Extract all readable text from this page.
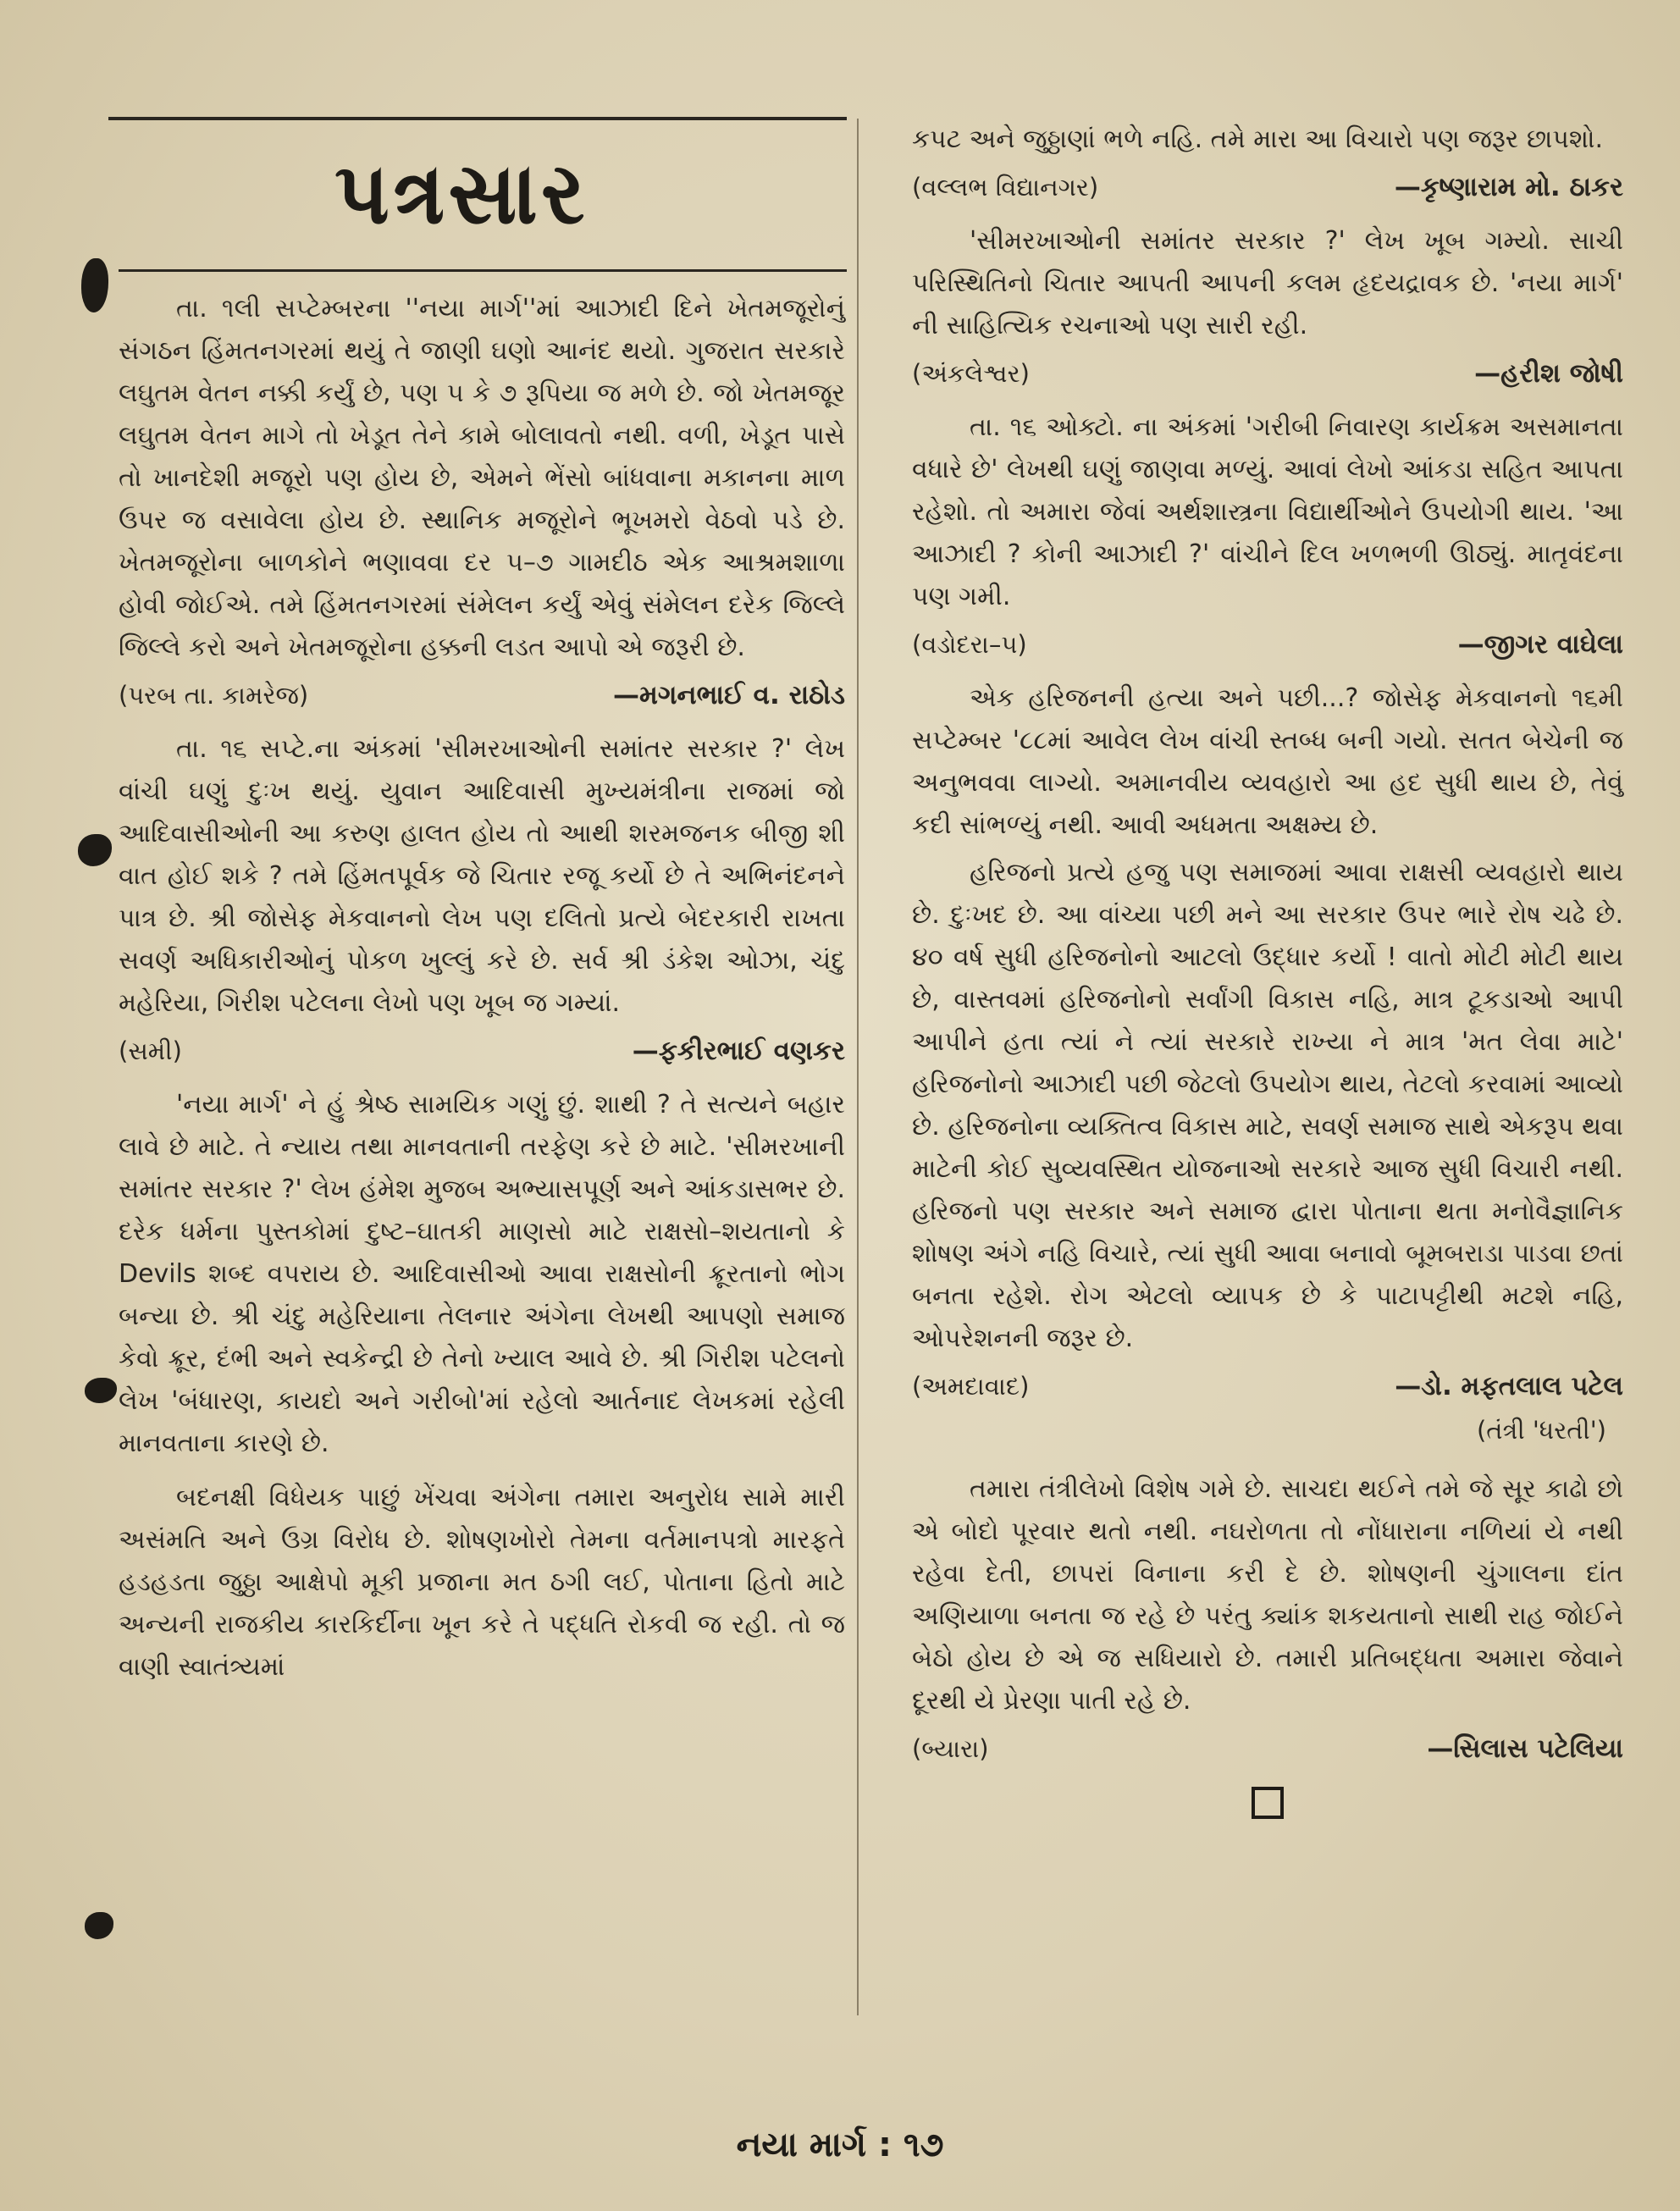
પત્રસાર

તા. ૧લી સપ્ટેમ્બરના ''નયા માર્ગ''માં આઝાદી દિને ખેતમજૂરોનું સંગઠન હિંમતનગરમાં થયું તે જાણી ઘણો આનંદ થયો. ગુજરાત સરકારે લઘુતમ વેતન નક્કી કર્યું છે, પણ ૫ કે ૭ રૂપિયા જ મળે છે. જો ખેતમજૂર લઘુતમ વેતન માગે તો ખેડૂત તેને કામે બોલાવતો નથી. વળી, ખેડૂત પાસે તો ખાનદેશી મજૂરો પણ હોય છે, એમને ભેંસો બાંધવાના મકાનના માળ ઉપર જ વસાવેલા હોય છે. સ્થાનિક મજૂરોને ભૂખમરો વેઠવો પડે છે. ખેતમજૂરોના બાળકોને ભણાવવા દર ૫–૭ ગામદીઠ એક આશ્રમશાળા હોવી જોઈએ. તમે હિંમતનગરમાં સંમેલન કર્યું એવું સંમેલન દરેક જિલ્લે જિલ્લે કરો અને ખેતમજૂરોના હક્કની લડત આપો એ જરૂરી છે.

(પરબ તા. કામરેજ)	—મગનભાઈ વ. રાઠોડ

તા. ૧૬ સપ્ટે.ના અંકમાં 'સીમરખાઓની સમાંતર સરકાર ?' લેખ વાંચી ઘણું દુઃખ થયું. યુવાન આદિવાસી મુખ્યમંત્રીના રાજમાં જો આદિવાસીઓની આ કરુણ હાલત હોય તો આથી શરમજનક બીજી શી વાત હોઈ શકે ? તમે હિંમતપૂર્વક જે ચિતાર રજૂ કર્યો છે તે અભિનંદનને પાત્ર છે. શ્રી જોસેફ મેકવાનનો લેખ પણ દલિતો પ્રત્યે બેદરકારી રાખતા સવર્ણ અધિકારીઓનું પોકળ ખુલ્લું કરે છે. સર્વ શ્રી ડંકેશ ઓઝા, ચંદુ મહેરિયા, ગિરીશ પટેલના લેખો પણ ખૂબ જ ગમ્યાં.

(સમી)	—ફકીરભાઈ વણકર

'નયા માર્ગ' ને હું શ્રેષ્ઠ સામયિક ગણું છું. શાથી ? તે સત્યને બહાર લાવે છે માટે. તે ન્યાય તથા માનવતાની તરફેણ કરે છે માટે. 'સીમરખાની સમાંતર સરકાર ?' લેખ હંમેશ મુજબ અભ્યાસપૂર્ણ અને આંકડાસભર છે. દરેક ધર્મના પુસ્તકોમાં દુષ્ટ–ઘાતકી માણસો માટે રાક્ષસો–શયતાનો કે Devils શબ્દ વપરાય છે. આદિવાસીઓ આવા રાક્ષસોની ક્રૂરતાનો ભોગ બન્યા છે. શ્રી ચંદુ મહેરિયાના તેલનાર અંગેના લેખથી આપણો સમાજ કેવો ક્રૂર, દંભી અને સ્વકેન્દ્રી છે તેનો ખ્યાલ આવે છે. શ્રી ગિરીશ પટેલનો લેખ 'બંધારણ, કાયદો અને ગરીબો'માં રહેલો આર્તનાદ લેખકમાં રહેલી માનવતાના કારણે છે.

બદનક્ષી વિધેયક પાછું ખેંચવા અંગેના તમારા અનુરોધ સામે મારી અસંમતિ અને ઉગ્ર વિરોધ છે. શોષણખોરો તેમના વર્તમાનપત્રો મારફતે હડહડતા જુઠ્ઠા આક્ષેપો મૂકી પ્રજાના મત ઠગી લઈ, પોતાના હિતો માટે અન્યની રાજકીય કારકિર્દીના ખૂન કરે તે પદ્ધતિ રોકવી જ રહી. તો જ વાણી સ્વાતંત્ર્યમાં

કપટ અને જુઠ્ઠાણાં ભળે નહિ. તમે મારા આ વિચારો પણ જરૂર છાપશો.

(વલ્લભ વિદ્યાનગર)	—કૃષ્ણારામ મો. ઠાકર

'સીમરખાઓની સમાંતર સરકાર ?' લેખ ખૂબ ગમ્યો. સાચી પરિસ્થિતિનો ચિતાર આપતી આપની કલમ હૃદયદ્રાવક છે. 'નયા માર્ગ' ની સાહિત્યિક રચનાઓ પણ સારી રહી.

(અંકલેશ્વર)	—હરીશ જોષી

તા. ૧૬ ઓક્ટો. ના અંકમાં 'ગરીબી નિવારણ કાર્યક્રમ અસમાનતા વધારે છે' લેખથી ઘણું જાણવા મળ્યું. આવાં લેખો આંકડા સહિત આપતા રહેશો. તો અમારા જેવાં અર્થશાસ્ત્રના વિદ્યાર્થીઓને ઉપયોગી થાય. 'આ આઝાદી ? કોની આઝાદી ?' વાંચીને દિલ ખળભળી ઊઠ્યું. માતૃવંદના પણ ગમી.

(વડોદરા–૫)	—જીગર વાઘેલા

એક હરિજનની હત્યા અને પછી...? જોસેફ મેકવાનનો ૧૬મી સપ્ટેમ્બર '૮૮માં આવેલ લેખ વાંચી સ્તબ્ધ બની ગયો. સતત બેચેની જ અનુભવવા લાગ્યો. અમાનવીય વ્યવહારો આ હદ સુધી થાય છે, તેવું કદી સાંભળ્યું નથી. આવી અધમતા અક્ષમ્ય છે.

હરિજનો પ્રત્યે હજુ પણ સમાજમાં આવા રાક્ષસી વ્યવહારો થાય છે. દુઃખદ છે. આ વાંચ્યા પછી મને આ સરકાર ઉપર ભારે રોષ ચઢે છે. ૪૦ વર્ષ સુધી હરિજનોનો આટલો ઉદ્ધાર કર્યો ! વાતો મોટી મોટી થાય છે, વાસ્તવમાં હરિજનોનો સર્વાંગી વિકાસ નહિ, માત્ર ટૂકડાઓ આપી આપીને હતા ત્યાં ને ત્યાં સરકારે રાખ્યા ને માત્ર 'મત લેવા માટે' હરિજનોનો આઝાદી પછી જેટલો ઉપયોગ થાય, તેટલો કરવામાં આવ્યો છે. હરિજનોના વ્યક્તિત્વ વિકાસ માટે, સવર્ણ સમાજ સાથે એકરૂપ થવા માટેની કોઈ સુવ્યવસ્થિત યોજનાઓ સરકારે આજ સુધી વિચારી નથી. હરિજનો પણ સરકાર અને સમાજ દ્વારા પોતાના થતા મનોવૈજ્ઞાનિક શોષણ અંગે નહિ વિચારે, ત્યાં સુધી આવા બનાવો બૂમબરાડા પાડવા છતાં બનતા રહેશે. રોગ એટલો વ્યાપક છે કે પાટાપટ્ટીથી મટશે નહિ, ઓપરેશનની જરૂર છે.

(અમદાવાદ)	—ડો. મફતલાલ પટેલ
(તંત્રી 'ધરતી')

તમારા તંત્રીલેખો વિશેષ ગમે છે. સાચદા થઈને તમે જે સૂર કાઢો છો એ બોદો પૂરવાર થતો નથી. નઘરોળતા તો નોંધારાના નળિયાં યે નથી રહેવા દેતી, છાપરાં વિનાના કરી દે છે. શોષણની ચુંગાલના દાંત અણિયાળા બનતા જ રહે છે પરંતુ ક્યાંક શકયતાનો સાથી રાહ જોઈને બેઠો હોય છે એ જ સધિયારો છે. તમારી પ્રતિબદ્ધતા અમારા જેવાને દૂરથી યે પ્રેરણા પાતી રહે છે.

(બ્યારા)	—સિલાસ પટેલિયા
નયા માર્ગ : ૧૭
